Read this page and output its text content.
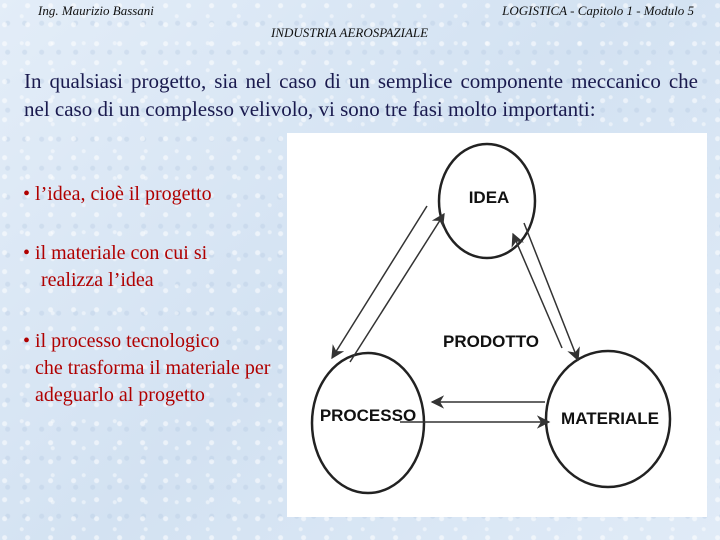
Ing. Maurizio Bassani	LOGISTICA - Capitolo 1 - Modulo 5
INDUSTRIA AEROSPAZIALE

In qualsiasi progetto, sia nel caso di un semplice componente meccanico che nel caso di un complesso velivolo, vi sono tre fasi molto importanti:

• l’idea, cioè il progetto

• il materiale con cui si
realizza l’idea

• il processo tecnologico
che trasforma il materiale per adeguarlo al progetto

IDEA
PRODOTTO
PROCESSO	MATERIALE
